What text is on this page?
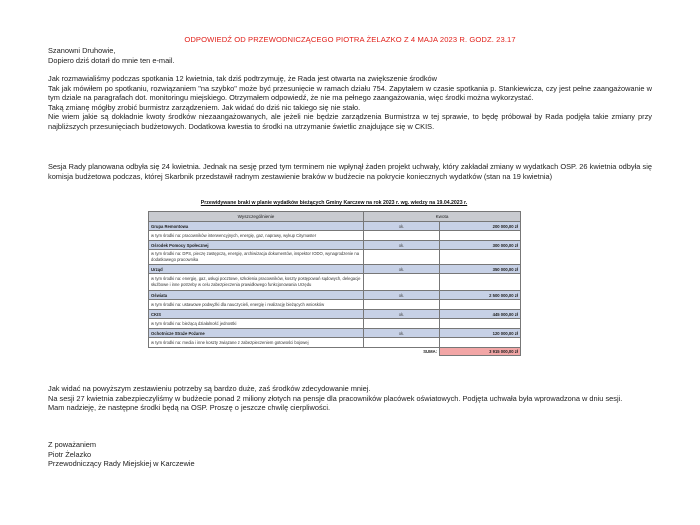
ODPOWIEDŹ OD PRZEWODNICZĄCEGO PIOTRA ŻELAZKO Z 4 MAJA 2023 R. GODZ. 23.17

Szanowni Druhowie,

Dopiero dziś dotarł do mnie ten e-mail.

Jak rozmawialiśmy podczas spotkania 12 kwietnia, tak dziś podtrzymuję, że Rada jest otwarta na zwiększenie środków

Tak jak mówiłem po spotkaniu, rozwiązaniem "na szybko" może być przesunięcie w ramach działu 754. Zapytałem w czasie spotkania p. Stankiewicza, czy jest pełne zaangażowanie w tym dziale na paragrafach dot. monitoringu miejskiego. Otrzymałem odpowiedź, że nie ma pełnego zaangażowania, więc środki można wykorzystać.

Taką zmianę mógłby zrobić burmistrz zarządzeniem. Jak widać do dziś nic takiego się nie stało.

Nie wiem jakie są dokładnie kwoty środków niezaangażowanych, ale jeżeli nie będzie zarządzenia Burmistrza w tej sprawie, to będę próbował by Rada podjęła takie zmiany przy najbliższych przesunięciach budżetowych. Dodatkowa kwestia to środki na utrzymanie świetlic znajdujące się w CKIS.

Sesja Rady planowana odbyła się 24 kwietnia. Jednak na sesję przed tym terminem nie wpłynął żaden projekt uchwały, który zakładał zmiany w wydatkach OSP. 26 kwietnia odbyła się komisja budżetowa podczas, której Skarbnik przedstawił radnym zestawienie braków w budżecie na pokrycie koniecznych wydatków (stan na 19 kwietnia)

Przewidywane braki w planie wydatków bieżących Gminy Karczew na rok 2023 r. wg. wiedzy na 19.04.2023 r.
Wyszczególnienie	Kwota	
Grupa Remontowa	ok.	200 000,00 zł
w tym środki na: pracowników interwencyjnych, energię, gaz, naprawy, wykup Citymaster		
Ośrodek Pomocy Społecznej	ok.	300 000,00 zł
w tym środki na: DPS, pieczę zastępczą, energię, archiwizacja dokumentów, inspektor IODO, wynagrodzenie na dodatkowego pracownika		
Urząd	ok.	350 000,00 zł
w tym środki na: energię, gaz, usługi pocztowe, szkolenia pracowników, koszty postępowań sądowych, delegacje służbowe i inne potrzeby w celu zabezpieczenia prawidłowego funkcjonowania Urzędu		
Oświata	ok.	2 500 000,00 zł
w tym środki na: ustawowe podwyżki dla nauczycieli, energię i realizację bieżących wniosków		
CKIS	ok.	445 000,00 zł
w tym środki na: bieżącą działalność jednostki		
Ochotnicze Straże Pożarne	ok.	120 000,00 zł
w tym środki na: media i inne koszty związane z zabezpieczeniem gotowości bojowej		
	SUMA:	3 915 000,00 zł

Jak widać na powyższym zestawieniu potrzeby są bardzo duże, zaś środków zdecydowanie mniej.

Na sesji 27 kwietnia zabezpieczyliśmy w budżecie ponad 2 miliony złotych na pensje dla pracowników placówek oświatowych. Podjęta uchwała była wprowadzona w dniu sesji.

Mam nadzieję, że następne środki będą na OSP. Proszę o jeszcze chwilę cierpliwości.

Z poważaniem

Piotr Żelazko

Przewodniczący Rady Miejskiej w Karczewie
